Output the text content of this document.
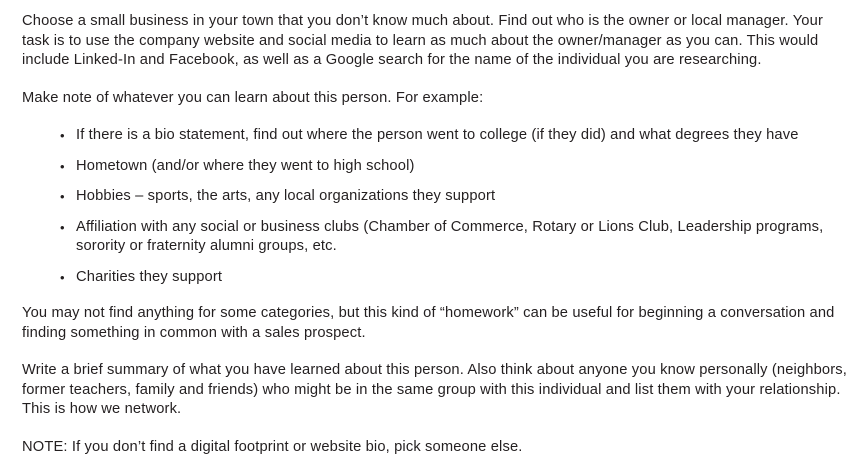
Choose a small business in your town that you don’t know much about. Find out who is the owner or local manager. Your task is to use the company website and social media to learn as much about the owner/manager as you can. This would include Linked-In and Facebook, as well as a Google search for the name of the individual you are researching.

Make note of whatever you can learn about this person. For example:

• If there is a bio statement, find out where the person went to college (if they did) and what degrees they have
• Hometown (and/or where they went to high school)
• Hobbies – sports, the arts, any local organizations they support
• Affiliation with any social or business clubs (Chamber of Commerce, Rotary or Lions Club, Leadership programs, sorority or fraternity alumni groups, etc.
• Charities they support

You may not find anything for some categories, but this kind of “homework” can be useful for beginning a conversation and finding something in common with a sales prospect.

Write a brief summary of what you have learned about this person. Also think about anyone you know personally (neighbors, former teachers, family and friends) who might be in the same group with this individual and list them with your relationship. This is how we network.

NOTE: If you don’t find a digital footprint or website bio, pick someone else.
